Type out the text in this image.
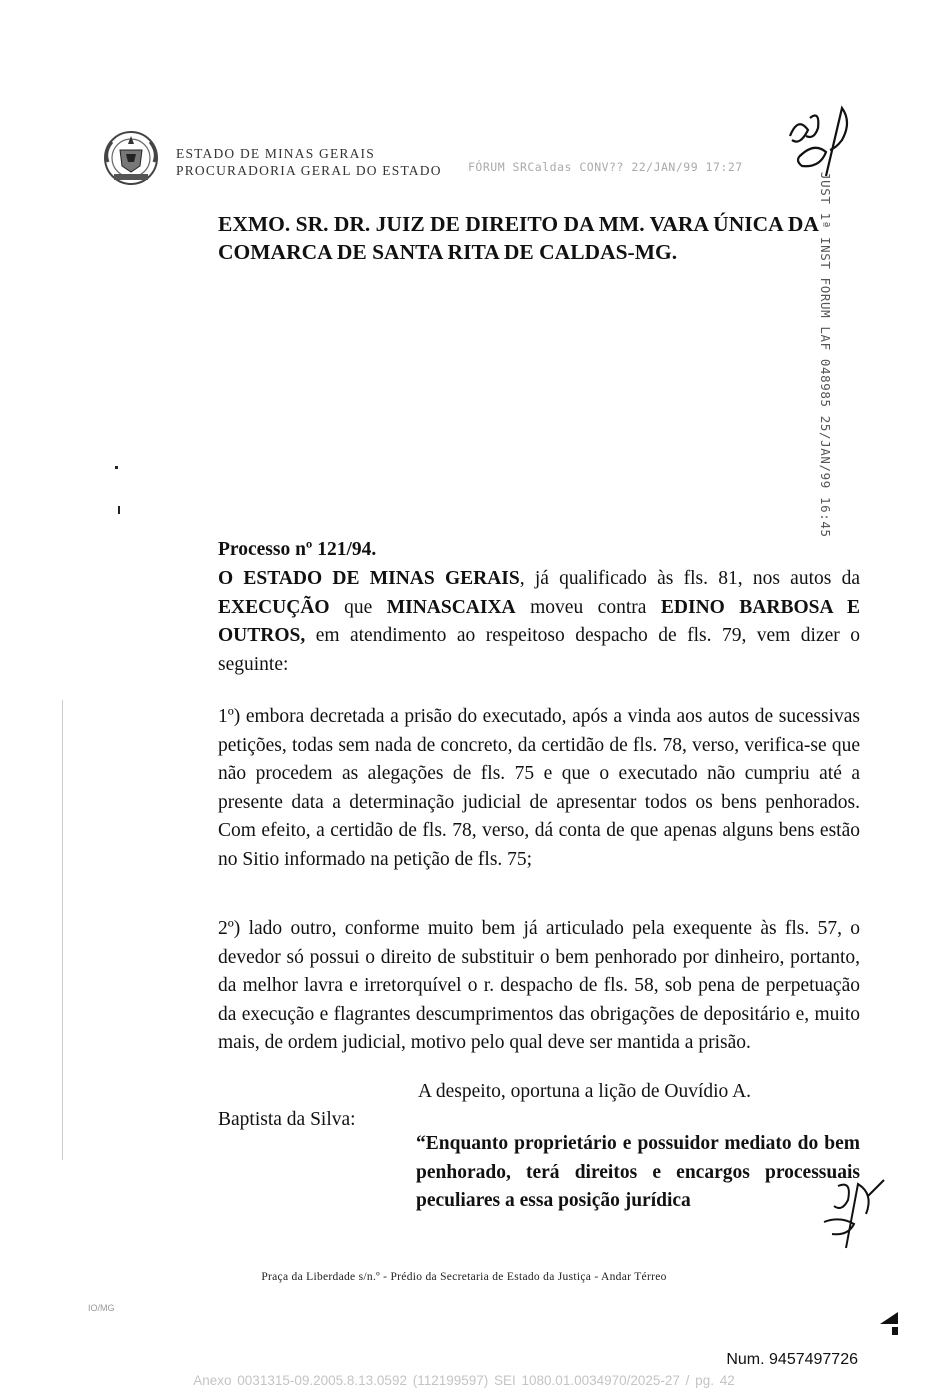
ESTADO DE MINAS GERAIS
PROCURADORIA GERAL DO ESTADO FÓRUM SRCaldas CONV?? 22/JAN/99 17:27
JUST 1ª INST FORUM LAF 048985 25/JAN/99 16:45
EXMO. SR. DR. JUIZ DE DIREITO DA MM. VARA ÚNICA DA
COMARCA DE SANTA RITA DE CALDAS-MG.
Processo nº 121/94.
O ESTADO DE MINAS GERAIS, já qualificado às fls. 81, nos autos da EXECUÇÃO que MINASCAIXA moveu contra EDINO BARBOSA E OUTROS, em atendimento ao respeitoso despacho de fls. 79, vem dizer o seguinte:
1º) embora decretada a prisão do executado, após a vinda aos autos de sucessivas petições, todas sem nada de concreto, da certidão de fls. 78, verso, verifica-se que não procedem as alegações de fls. 75 e que o executado não cumpriu até a presente data a determinação judicial de apresentar todos os bens penhorados. Com efeito, a certidão de fls. 78, verso, dá conta de que apenas alguns bens estão no Sitio informado na petição de fls. 75;
2º) lado outro, conforme muito bem já articulado pela exequente às fls. 57, o devedor só possui o direito de substituir o bem penhorado por dinheiro, portanto, da melhor lavra e irretorquível o r. despacho de fls. 58, sob pena de perpetuação da execução e flagrantes descumprimentos das obrigações de depositário e, muito mais, de ordem judicial, motivo pelo qual deve ser mantida a prisão.
A despeito, oportuna a lição de Ouvídio A.
Baptista da Silva:
“Enquanto proprietário e possuidor mediato do bem penhorado, terá direitos e encargos processuais peculiares a essa posição jurídica
Praça da Liberdade s/n.º - Prédio da Secretaria de Estado da Justiça - Andar Térreo
IO/MG
Num. 9457497726
Anexo 0031315-09.2005.8.13.0592 (112199597) SEI 1080.01.0034970/2025-27 / pg. 42
